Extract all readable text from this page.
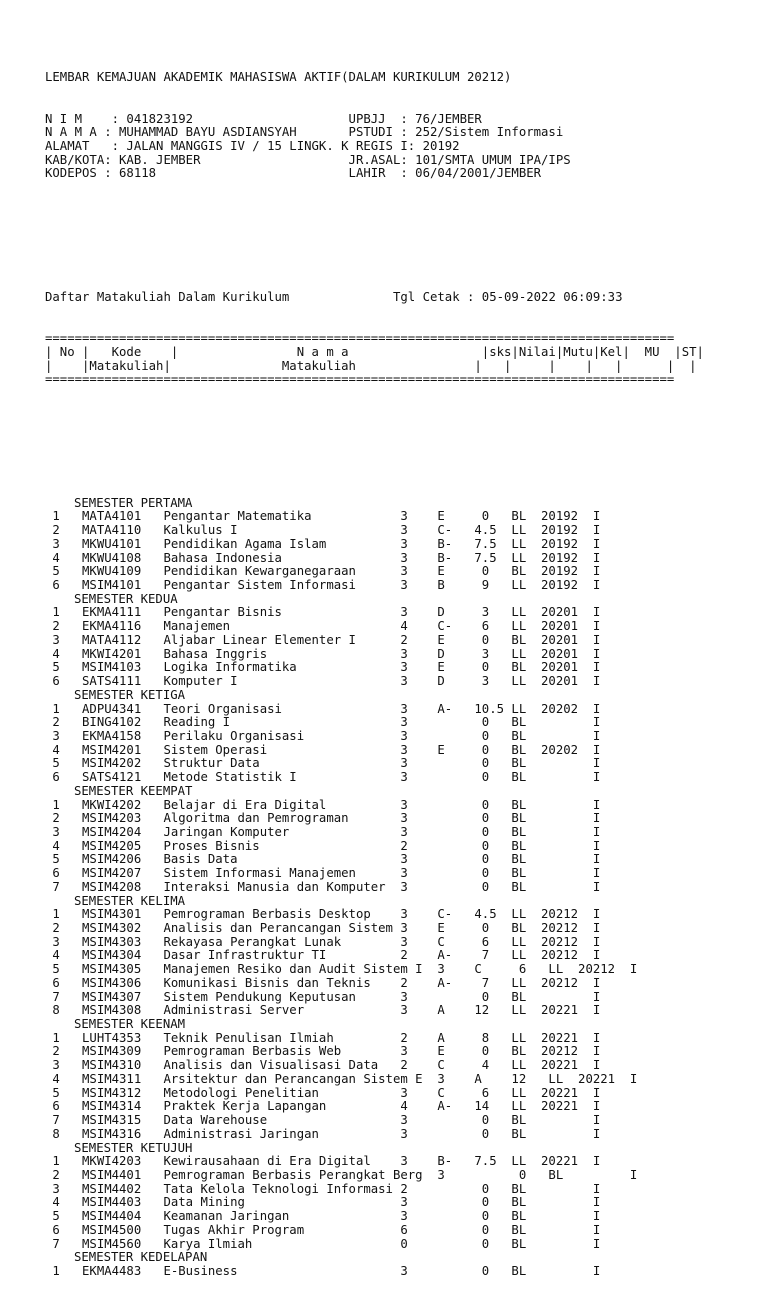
LEMBAR KEMAJUAN AKADEMIK MAHASISWA AKTIF(DALAM KURIKULUM 20212)

N I M    : 041823192                     UPBJJ  : 76/JEMBER
N A M A : MUHAMMAD BAYU ASDIANSYAH       PSTUDI : 252/Sistem Informasi
ALAMAT   : JALAN MANGGIS IV / 15 LINGK. K REGIS I: 20192
KAB/KOTA: KAB. JEMBER                    JR.ASAL: 101/SMTA UMUM IPA/IPS
KODEPOS : 68118                          LAHIR  : 06/04/2001/JEMBER

Daftar Matakuliah Dalam Kurikulum	Tgl Cetak : 05-09-2022 06:09:33

=====================================================================================
| No |   Kode    |                N a m a                  |sks|Nilai|Mutu|Kel|  MU  |ST|
|    |Matakuliah|               Matakuliah                |   |     |    |   |      |  |
=====================================================================================

SEMESTER PERTAMA
1   MATA4101   Pengantar Matematika            3    E     0   BL  20192  I
2   MATA4110   Kalkulus I                      3    C-   4.5  LL  20192  I
3   MKWU4101   Pendidikan Agama Islam          3    B-   7.5  LL  20192  I
4   MKWU4108   Bahasa Indonesia                3    B-   7.5  LL  20192  I
5   MKWU4109   Pendidikan Kewarganegaraan      3    E     0   BL  20192  I
6   MSIM4101   Pengantar Sistem Informasi      3    B     9   LL  20192  I
SEMESTER KEDUA
1   EKMA4111   Pengantar Bisnis                3    D     3   LL  20201  I
2   EKMA4116   Manajemen                       4    C-    6   LL  20201  I
3   MATA4112   Aljabar Linear Elementer I      2    E     0   BL  20201  I
4   MKWI4201   Bahasa Inggris                  3    D     3   LL  20201  I
5   MSIM4103   Logika Informatika              3    E     0   BL  20201  I
6   SATS4111   Komputer I                      3    D     3   LL  20201  I
SEMESTER KETIGA
1   ADPU4341   Teori Organisasi                3    A-   10.5 LL  20202  I
2   BING4102   Reading I                       3          0   BL         I
3   EKMA4158   Perilaku Organisasi             3          0   BL         I
4   MSIM4201   Sistem Operasi                  3    E     0   BL  20202  I
5   MSIM4202   Struktur Data                   3          0   BL         I
6   SATS4121   Metode Statistik I              3          0   BL         I
SEMESTER KEEMPAT
1   MKWI4202   Belajar di Era Digital          3          0   BL         I
2   MSIM4203   Algoritma dan Pemrograman       3          0   BL         I
3   MSIM4204   Jaringan Komputer               3          0   BL         I
4   MSIM4205   Proses Bisnis                   2          0   BL         I
5   MSIM4206   Basis Data                      3          0   BL         I
6   MSIM4207   Sistem Informasi Manajemen      3          0   BL         I
7   MSIM4208   Interaksi Manusia dan Komputer  3          0   BL         I
SEMESTER KELIMA
1   MSIM4301   Pemrograman Berbasis Desktop    3    C-   4.5  LL  20212  I
2   MSIM4302   Analisis dan Perancangan Sistem 3    E     0   BL  20212  I
3   MSIM4303   Rekayasa Perangkat Lunak        3    C     6   LL  20212  I
4   MSIM4304   Dasar Infrastruktur TI          2    A-    7   LL  20212  I
5   MSIM4305   Manajemen Resiko dan Audit Sistem I  3    C     6   LL  20212  I
6   MSIM4306   Komunikasi Bisnis dan Teknis    2    A-    7   LL  20212  I
7   MSIM4307   Sistem Pendukung Keputusan      3          0   BL         I
8   MSIM4308   Administrasi Server             3    A    12   LL  20221  I
SEMESTER KEENAM
1   LUHT4353   Teknik Penulisan Ilmiah         2    A     8   LL  20221  I
2   MSIM4309   Pemrograman Berbasis Web        3    E     0   BL  20212  I
3   MSIM4310   Analisis dan Visualisasi Data   2    C     4   LL  20221  I
4   MSIM4311   Arsitektur dan Perancangan Sistem E  3    A    12   LL  20221  I
5   MSIM4312   Metodologi Penelitian           3    C     6   LL  20221  I
6   MSIM4314   Praktek Kerja Lapangan          4    A-   14   LL  20221  I
7   MSIM4315   Data Warehouse                  3          0   BL         I
8   MSIM4316   Administrasi Jaringan           3          0   BL         I
SEMESTER KETUJUH
1   MKWI4203   Kewirausahaan di Era Digital    3    B-   7.5  LL  20221  I
2   MSIM4401   Pemrograman Berbasis Perangkat Berg  3          0   BL         I
3   MSIM4402   Tata Kelola Teknologi Informasi 2          0   BL         I
4   MSIM4403   Data Mining                     3          0   BL         I
5   MSIM4404   Keamanan Jaringan               3          0   BL         I
6   MSIM4500   Tugas Akhir Program             6          0   BL         I
7   MSIM4560   Karya Ilmiah                    0          0   BL         I
SEMESTER KEDELAPAN
1   EKMA4483   E-Business                      3          0   BL         I
